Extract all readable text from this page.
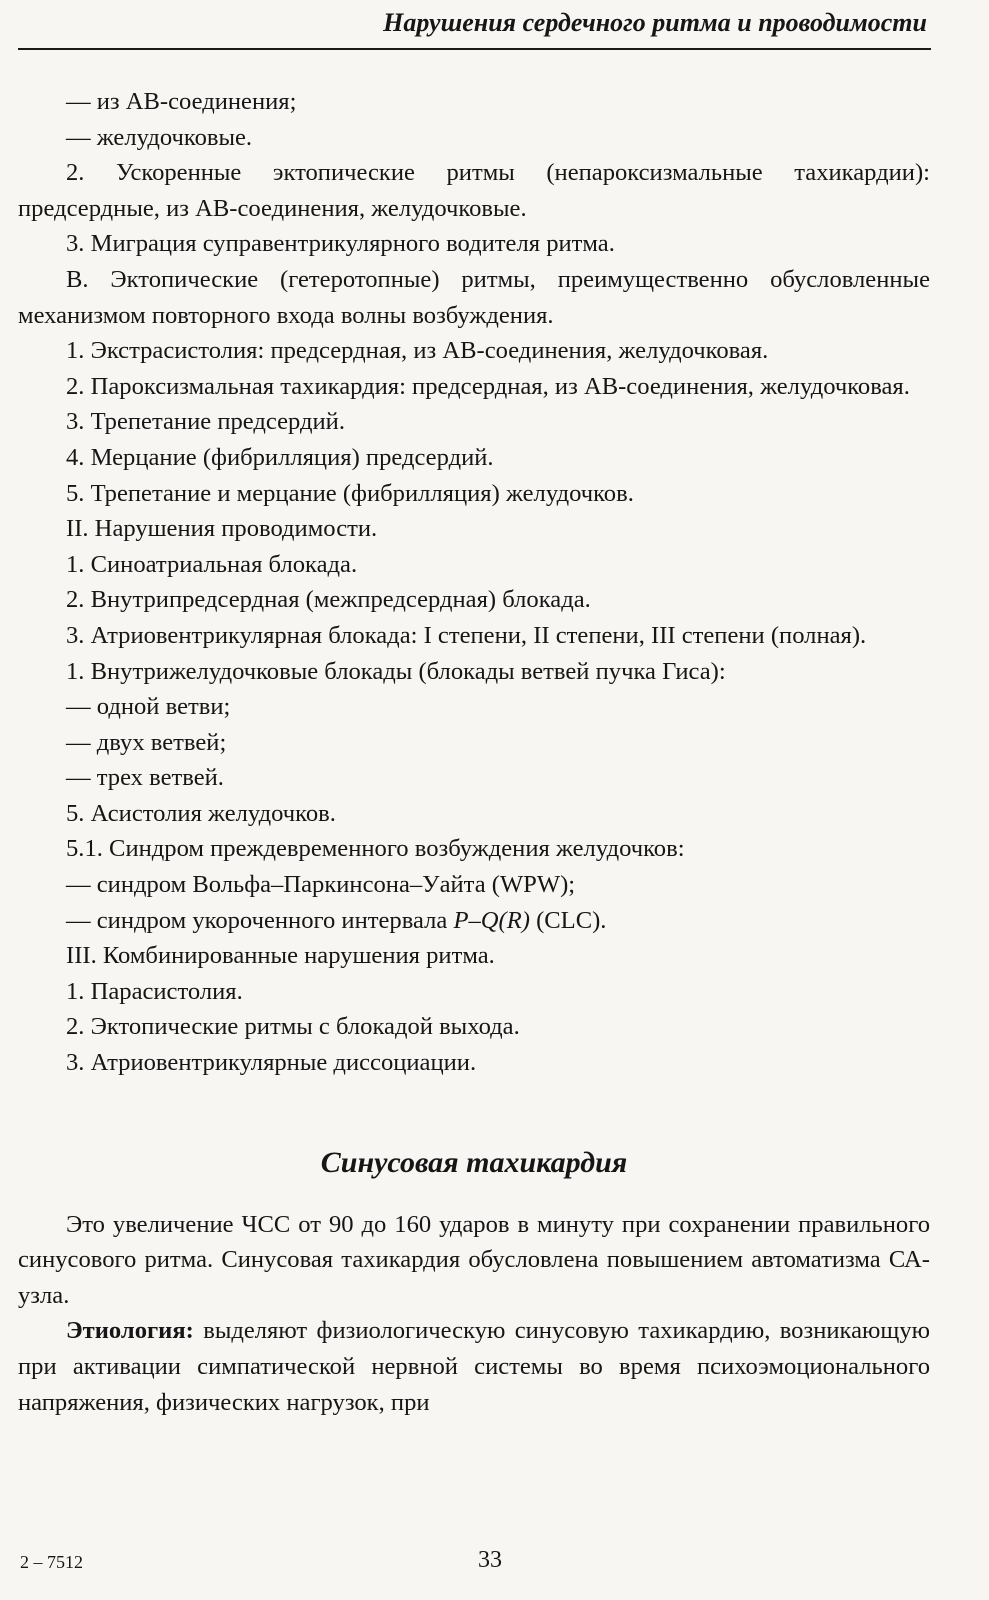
Нарушения сердечного ритма и проводимости

— из АВ-соединения;

— желудочковые.

2. Ускоренные эктопические ритмы (непароксизмальные тахикардии): предсердные, из АВ-соединения, желудочковые.

3. Миграция суправентрикулярного водителя ритма.

В. Эктопические (гетеротопные) ритмы, преимущественно обусловленные механизмом повторного входа волны возбуждения.

1. Экстрасистолия: предсердная, из АВ-соединения, желудочковая.

2. Пароксизмальная тахикардия: предсердная, из АВ-соединения, желудочковая.

3. Трепетание предсердий.

4. Мерцание (фибрилляция) предсердий.

5. Трепетание и мерцание (фибрилляция) желудочков.

II. Нарушения проводимости.

1. Синоатриальная блокада.

2. Внутрипредсердная (межпредсердная) блокада.

3. Атриовентрикулярная блокада: I степени, II степени, III степени (полная).

1. Внутрижелудочковые блокады (блокады ветвей пучка Гиса):

— одной ветви;

— двух ветвей;

— трех ветвей.

5. Асистолия желудочков.

5.1. Синдром преждевременного возбуждения желудочков:

— синдром Вольфа–Паркинсона–Уайта (WPW);

— синдром укороченного интервала P–Q(R) (CLC).

III. Комбинированные нарушения ритма.

1. Парасистолия.

2. Эктопические ритмы с блокадой выхода.

3. Атриовентрикулярные диссоциации.

Синусовая тахикардия

Это увеличение ЧСС от 90 до 160 ударов в минуту при сохранении правильного синусового ритма. Синусовая тахикардия обусловлена повышением автоматизма СА-узла.

Этиология: выделяют физиологическую синусовую тахикардию, возникающую при активации симпатической нервной системы во время психоэмоционального напряжения, физических нагрузок, при

2 – 7512	33
